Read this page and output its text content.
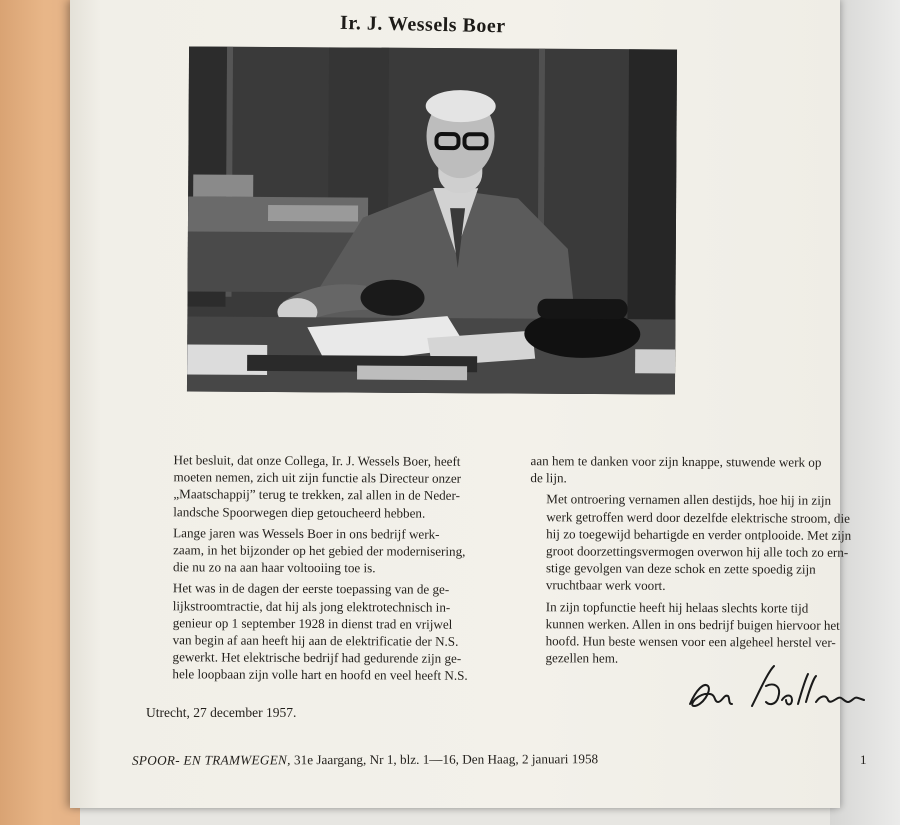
Ir. J. Wessels Boer

Het besluit, dat onze Collega, Ir. J. Wessels Boer, heeft
moeten nemen, zich uit zijn functie als Directeur onzer
„Maatschappij” terug te trekken, zal allen in de Neder-
landsche Spoorwegen diep getoucheerd hebben.

Lange jaren was Wessels Boer in ons bedrijf werk-
zaam, in het bijzonder op het gebied der modernisering,
die nu zo na aan haar voltooiing toe is.

Het was in de dagen der eerste toepassing van de ge-
lijkstroomtractie, dat hij als jong elektrotechnisch in-
genieur op 1 september 1928 in dienst trad en vrijwel
van begin af aan heeft hij aan de elektrificatie der N.S.
gewerkt. Het elektrische bedrijf had gedurende zijn ge-
hele loopbaan zijn volle hart en hoofd en veel heeft N.S.

aan hem te danken voor zijn knappe, stuwende werk op
de lijn.

Met ontroering vernamen allen destijds, hoe hij in zijn
werk getroffen werd door dezelfde elektrische stroom, die
hij zo toegewijd behartigde en verder ontplooide. Met zijn
groot doorzettingsvermogen overwon hij alle toch zo ern-
stige gevolgen van deze schok en zette spoedig zijn
vruchtbaar werk voort.

In zijn topfunctie heeft hij helaas slechts korte tijd
kunnen werken. Allen in ons bedrijf buigen hiervoor het
hoofd. Hun beste wensen voor een algeheel herstel ver-
gezellen hem.

Utrecht, 27 december 1957.
SPOOR- EN TRAMWEGEN, 31e Jaargang, Nr 1, blz. 1—16, Den Haag, 2 januari 1958	1
